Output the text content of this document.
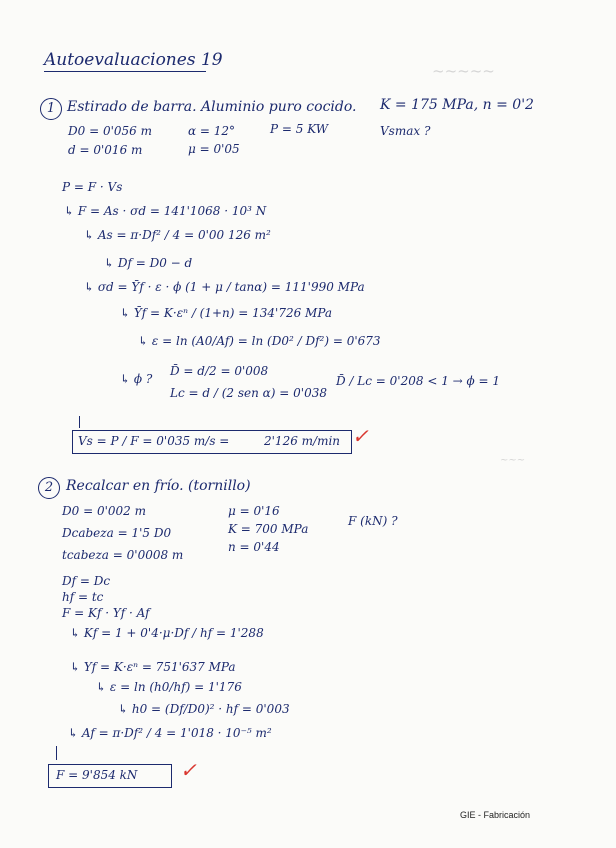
~~~~~
~~~
Autoevaluaciones 19
1 Estirado de barra. Aluminio puro cocido. K = 175 MPa, n = 0'2
D0 = 0'056 m
d = 0'016 m
α = 12°
μ = 0'05
P = 5 KW	Vsmax ?
P = F · Vs
↳ F = As · σd = 141'1068 · 10³ N
↳ As = π·Df² / 4 = 0'00 126 m²
↳ Df = D0 − d
↳ σd = Ȳf · ε · ϕ (1 + μ / tanα) = 111'990 MPa
↳ Ȳf = K·εⁿ / (1+n) = 134'726 MPa
↳ ε = ln (A0/Af) = ln (D0² / Df²) = 0'673
↳ ϕ ?
D̄ = d/2 = 0'008
Lc = d / (2 sen α) = 0'038
D̄ / Lc = 0'208 < 1 → ϕ = 1
Vs = P / F = 0'035 m/s =	2'126 m/min ✓
2 Recalcar en frío. (tornillo)
D0 = 0'002 m
Dcabeza = 1'5 D0
tcabeza = 0'0008 m
μ = 0'16
K = 700 MPa
n = 0'44
F (kN) ?
Df = Dc
hf = tc
F = Kf · Yf · Af
↳ Kf = 1 + 0'4·μ·Df / hf = 1'288
↳ Yf = K·εⁿ = 751'637 MPa
↳ ε = ln (h0/hf) = 1'176
↳ h0 = (Df/D0)² · hf = 0'003
↳ Af = π·Df² / 4 = 1'018 · 10⁻⁵ m²
F = 9'854 kN ✓
GIE - Fabricación
